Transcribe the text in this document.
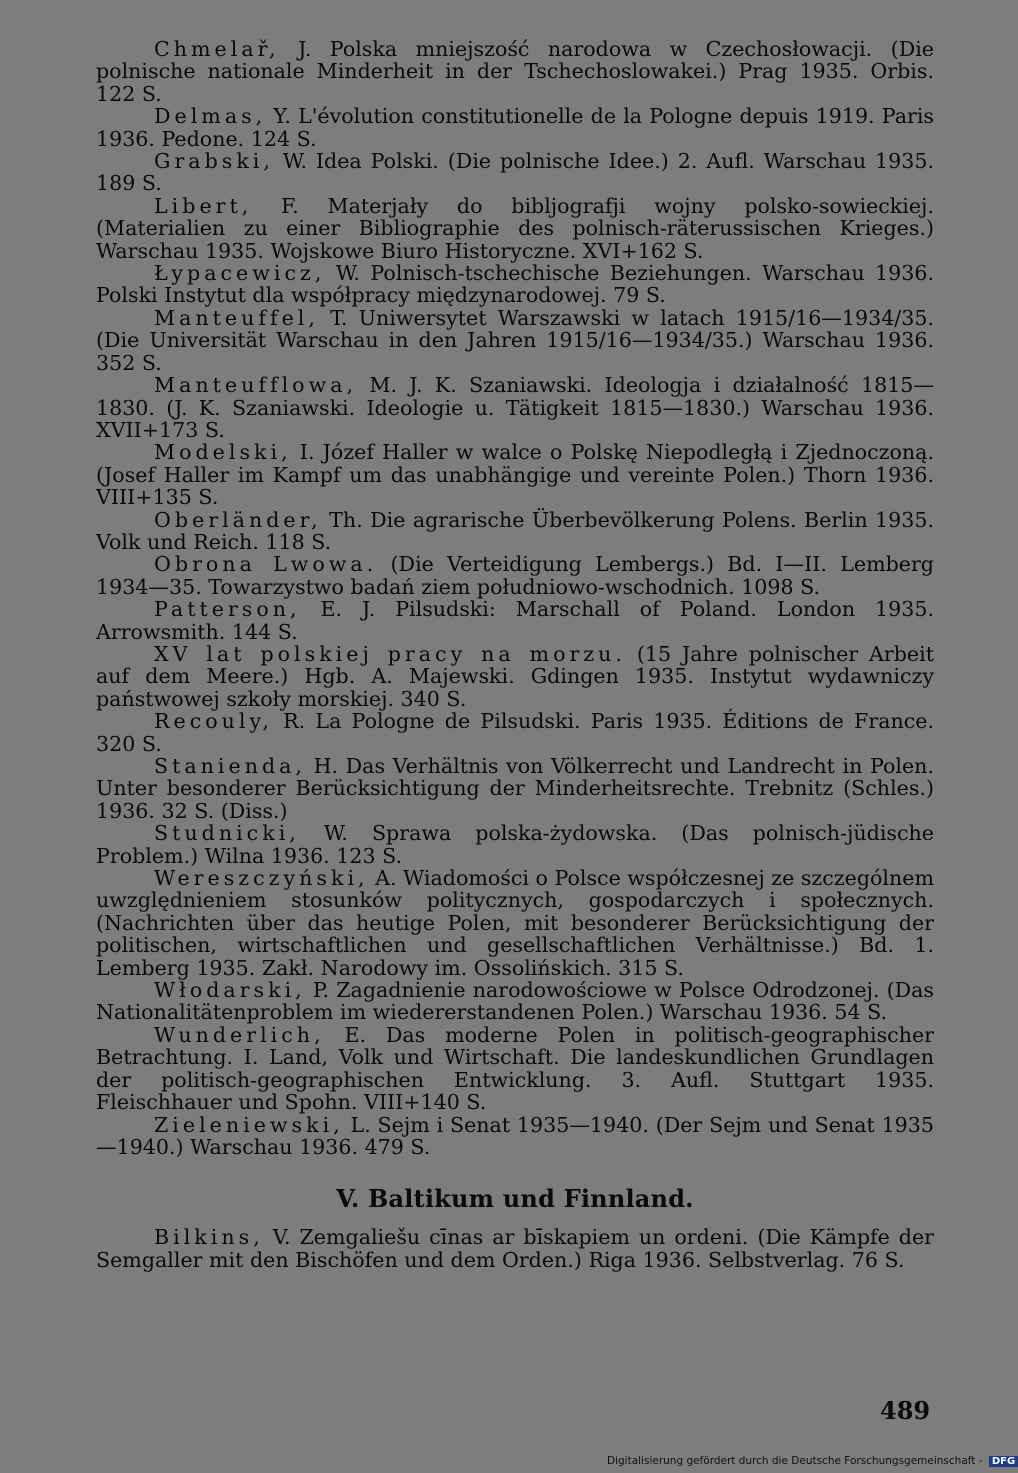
Chmelař, J. Polska mniejszość narodowa w Czechosłowacji. (Die polnische nationale Minderheit in der Tschechoslowakei.) Prag 1935. Orbis. 122 S.

Delmas, Y. L'évolution constitutionelle de la Pologne depuis 1919. Paris 1936. Pedone. 124 S.

Grabski, W. Idea Polski. (Die polnische Idee.) 2. Aufl. Warschau 1935. 189 S.

Libert, F. Materjały do bibljografji wojny polsko-sowieckiej. (Materialien zu einer Bibliographie des polnisch-räterussischen Krieges.) Warschau 1935. Wojskowe Biuro Historyczne. XVI+162 S.

Łypacewicz, W. Polnisch-tschechische Beziehungen. Warschau 1936. Polski Instytut dla współpracy międzynarodowej. 79 S.

Manteuffel, T. Uniwersytet Warszawski w latach 1915/16—1934/35. (Die Universität Warschau in den Jahren 1915/16—1934/35.) Warschau 1936. 352 S.

Manteufflowa, M. J. K. Szaniawski. Ideologja i działalność 1815—1830. (J. K. Szaniawski. Ideologie u. Tätigkeit 1815—1830.) Warschau 1936. XVII+173 S.

Modelski, I. Józef Haller w walce o Polskę Niepodległą i Zjednoczoną. (Josef Haller im Kampf um das unabhängige und vereinte Polen.) Thorn 1936. VIII+135 S.

Oberländer, Th. Die agrarische Überbevölkerung Polens. Berlin 1935. Volk und Reich. 118 S.

Obrona Lwowa. (Die Verteidigung Lembergs.) Bd. I—II. Lemberg 1934—35. Towarzystwo badań ziem południowo-wschodnich. 1098 S.

Patterson, E. J. Pilsudski: Marschall of Poland. London 1935. Arrowsmith. 144 S.

XV lat polskiej pracy na morzu. (15 Jahre polnischer Arbeit auf dem Meere.) Hgb. A. Majewski. Gdingen 1935. Instytut wydawniczy państwowej szkoły morskiej. 340 S.

Recouly, R. La Pologne de Pilsudski. Paris 1935. Éditions de France. 320 S.

Stanienda, H. Das Verhältnis von Völkerrecht und Landrecht in Polen. Unter besonderer Berücksichtigung der Minderheitsrechte. Trebnitz (Schles.) 1936. 32 S. (Diss.)

Studnicki, W. Sprawa polska-żydowska. (Das polnisch-jüdische Problem.) Wilna 1936. 123 S.

Wereszczyński, A. Wiadomości o Polsce współczesnej ze szczególnem uwzględnieniem stosunków politycznych, gospodarczych i społecznych. (Nachrichten über das heutige Polen, mit besonderer Berücksichtigung der politischen, wirtschaftlichen und gesellschaftlichen Verhältnisse.) Bd. 1. Lemberg 1935. Zakł. Narodowy im. Ossolińskich. 315 S.

Włodarski, P. Zagadnienie narodowościowe w Polsce Odrodzonej. (Das Nationalitätenproblem im wiedererstandenen Polen.) Warschau 1936. 54 S.

Wunderlich, E. Das moderne Polen in politisch-geographischer Betrachtung. I. Land, Volk und Wirtschaft. Die landeskundlichen Grundlagen der politisch-geographischen Entwicklung. 3. Aufl. Stuttgart 1935. Fleischhauer und Spohn. VIII+140 S.

Zieleniewski, L. Sejm i Senat 1935—1940. (Der Sejm und Senat 1935—1940.) Warschau 1936. 479 S.

V. Baltikum und Finnland.

Bilkins, V. Zemgaliešu cīnas ar bīskapiem un ordeni. (Die Kämpfe der Semgaller mit den Bischöfen und dem Orden.) Riga 1936. Selbstverlag. 76 S.

489
Digitalisierung gefördert durch die Deutsche Forschungsgemeinschaft - DFG
